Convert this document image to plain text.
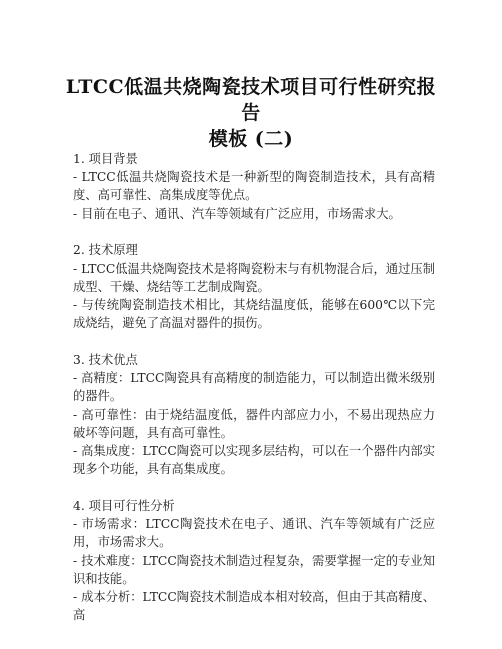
LTCC低温共烧陶瓷技术项目可行性研究报告
模板 (二)

1. 项目背景

- LTCC低温共烧陶瓷技术是一种新型的陶瓷制造技术，具有高精度、高可靠性、高集成度等优点。

- 目前在电子、通讯、汽车等领域有广泛应用，市场需求大。

2. 技术原理

- LTCC低温共烧陶瓷技术是将陶瓷粉末与有机物混合后，通过压制成型、干燥、烧结等工艺制成陶瓷。

- 与传统陶瓷制造技术相比，其烧结温度低，能够在600℃以下完成烧结，避免了高温对器件的损伤。

3. 技术优点

- 高精度：LTCC陶瓷具有高精度的制造能力，可以制造出微米级别的器件。

- 高可靠性：由于烧结温度低，器件内部应力小，不易出现热应力破坏等问题，具有高可靠性。

- 高集成度：LTCC陶瓷可以实现多层结构，可以在一个器件内部实现多个功能，具有高集成度。

4. 项目可行性分析

- 市场需求：LTCC陶瓷技术在电子、通讯、汽车等领域有广泛应用，市场需求大。

- 技术难度：LTCC陶瓷技术制造过程复杂，需要掌握一定的专业知识和技能。

- 成本分析：LTCC陶瓷技术制造成本相对较高，但由于其高精度、高
